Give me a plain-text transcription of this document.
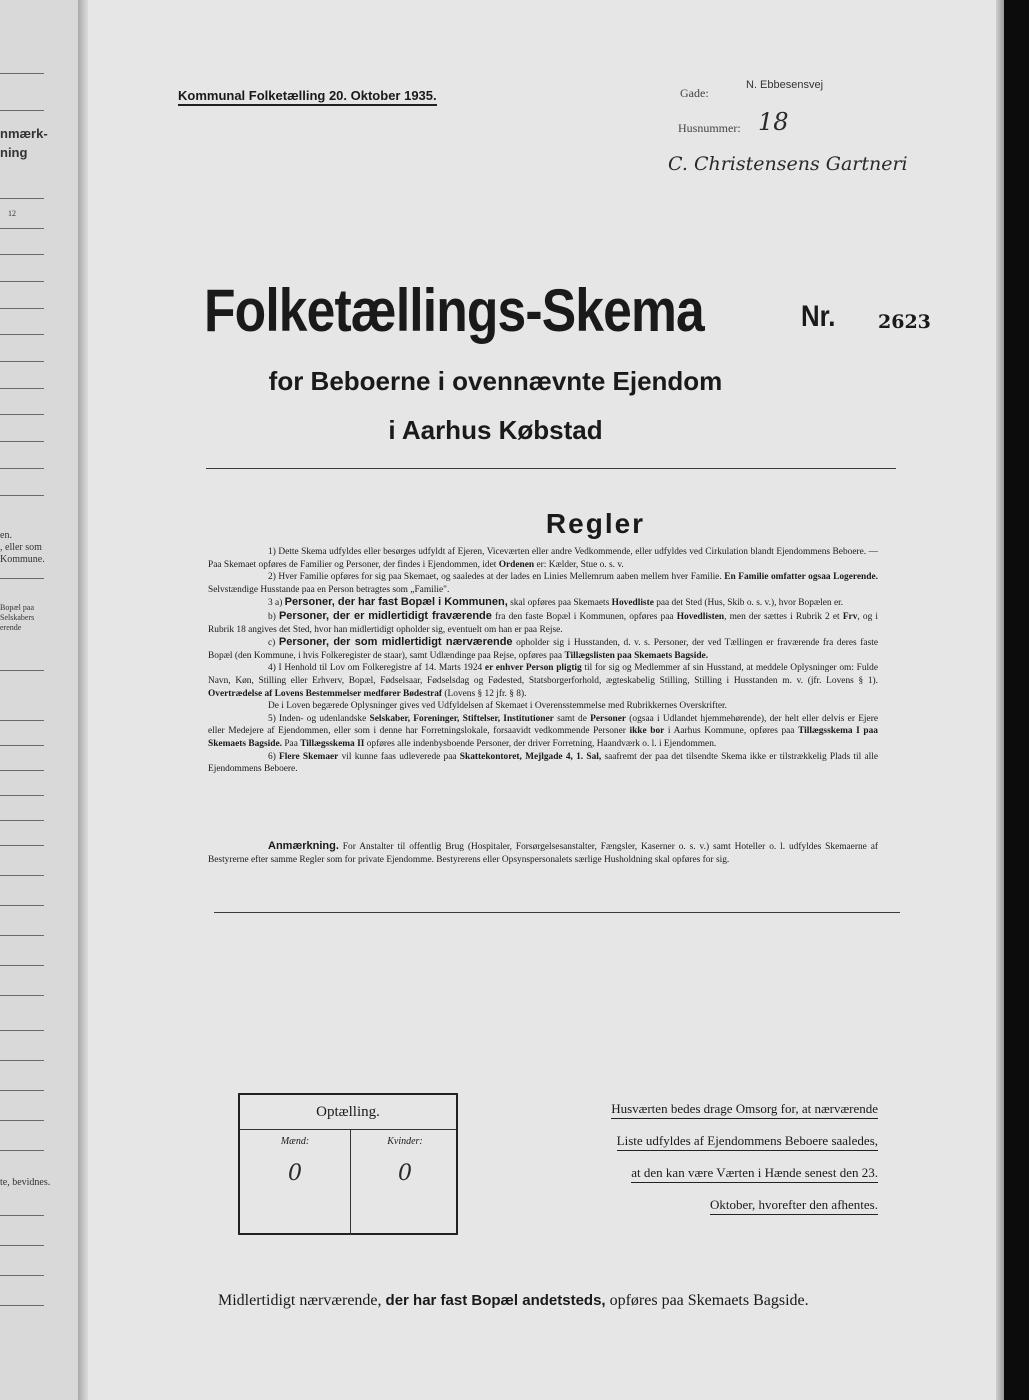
nmærk-
ning
12
en.
, eller som
Kommune.
Bopæl paa
Selskabers
erende
te, bevidnes.
Kommunal Folketælling 20. Oktober 1935.	Gade:
N. Ebbesensvej
Husnummer: 18
C. Christensens Gartneri
Folketællings-Skema	Nr. 2623
for Beboerne i ovennævnte Ejendom
i Aarhus Købstad
Regler

1) Dette Skema udfyldes eller besørges udfyldt af Ejeren, Viceværten eller andre Vedkommende, eller udfyldes ved Cirkulation blandt Ejendommens Beboere. — Paa Skemaet opføres de Familier og Personer, der findes i Ejendommen, idet Ordenen er: Kælder, Stue o. s. v.

2) Hver Familie opføres for sig paa Skemaet, og saaledes at der lades en Linies Mellemrum aaben mellem hver Familie. En Familie omfatter ogsaa Logerende. Selvstændige Husstande paa en Person betragtes som „Familie".

3 a) Personer, der har fast Bopæl i Kommunen, skal opføres paa Skemaets Hovedliste paa det Sted (Hus, Skib o. s. v.), hvor Bopælen er.

b) Personer, der er midlertidigt fraværende fra den faste Bopæl i Kommunen, opføres paa Hovedlisten, men der sættes i Rubrik 2 et Frv, og i Rubrik 18 angives det Sted, hvor han midlertidigt opholder sig, eventuelt om han er paa Rejse.

c) Personer, der som midlertidigt nærværende opholder sig i Husstanden, d. v. s. Personer, der ved Tællingen er fraværende fra deres faste Bopæl (den Kommune, i hvis Folkeregister de staar), samt Udlændinge paa Rejse, opføres paa Tillægslisten paa Skemaets Bagside.

4) I Henhold til Lov om Folkeregistre af 14. Marts 1924 er enhver Person pligtig til for sig og Medlemmer af sin Husstand, at meddele Oplysninger om: Fulde Navn, Køn, Stilling eller Erhverv, Bopæl, Fødselsaar, Fødselsdag og Fødested, Statsborgerforhold, ægteskabelig Stilling, Stilling i Husstanden m. v. (jfr. Lovens § 1). Overtrædelse af Lovens Bestemmelser medfører Bødestraf (Lovens § 12 jfr. § 8).

De i Loven begærede Oplysninger gives ved Udfyldelsen af Skemaet i Overensstemmelse med Rubrikkernes Overskrifter.

5) Inden- og udenlandske Selskaber, Foreninger, Stiftelser, Institutioner samt de Personer (ogsaa i Udlandet hjemmehørende), der helt eller delvis er Ejere eller Medejere af Ejendommen, eller som i denne har Forretningslokale, forsaavidt vedkommende Personer ikke bor i Aarhus Kommune, opføres paa Tillægsskema I paa Skemaets Bagside. Paa Tillægsskema II opføres alle indenbysboende Personer, der driver Forretning, Haandværk o. l. i Ejendommen.

6) Flere Skemaer vil kunne faas udleverede paa Skattekontoret, Mejlgade 4, 1. Sal, saafremt der paa det tilsendte Skema ikke er tilstrækkelig Plads til alle Ejendommens Beboere.

Anmærkning. For Anstalter til offentlig Brug (Hospitaler, Forsørgelsesanstalter, Fængsler, Kaserner o. s. v.) samt Hoteller o. l. udfyldes Skemaerne af Bestyrerne efter samme Regler som for private Ejendomme. Bestyrerens eller Opsynspersonalets særlige Husholdning skal opføres for sig.

Optælling.
Mænd:
0
Kvinder:
0
Husværten bedes drage Omsorg for, at nærværende
Liste udfyldes af Ejendommens Beboere saaledes,
at den kan være Værten i Hænde senest den 23.
Oktober, hvorefter den afhentes.
Midlertidigt nærværende, der har fast Bopæl andetsteds, opføres paa Skemaets Bagside.
